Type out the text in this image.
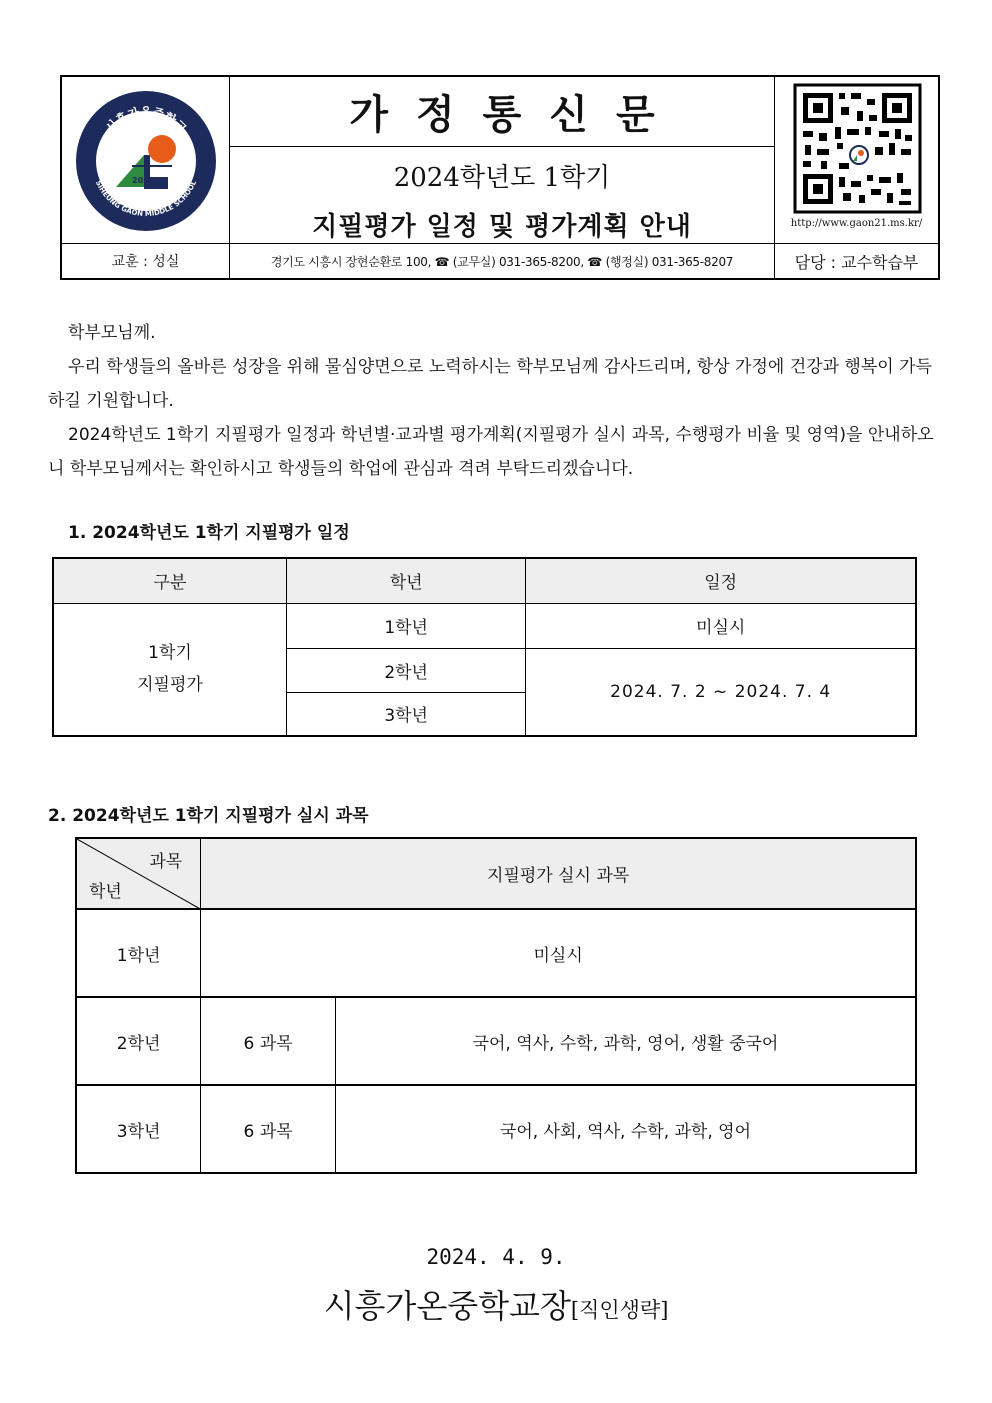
시흥가온중학교
SIHEUNG GAON MIDDLE SCHOOL
2021
가정통신문
2024학년도 1학기
지필평가 일정 및 평가계획 안내	http://www.gaon21.ms.kr/
교훈 : 성실	경기도 시흥시 장현순환로 100, ☎ (교무실) 031-365-8200, ☎ (행정실) 031-365-8207	담당 : 교수학습부
학부모님께.
우리 학생들의 올바른 성장을 위해 물심양면으로 노력하시는 학부모님께 감사드리며, 항상 가정에 건강과 행복이 가득하길 기원합니다.
2024학년도 1학기 지필평가 일정과 학년별·교과별 평가계획(지필평가 실시 과목, 수행평가 비율 및 영역)을 안내하오니 학부모님께서는 확인하시고 학생들의 학업에 관심과 격려 부탁드리겠습니다.
1. 2024학년도 1학기 지필평가 일정
구분	학년	일정

1학기
지필평가	1학년	미실시
	2학년	2024. 7. 2 ~ 2024. 7. 4
	3학년	
2. 2024학년도 1학기 지필평가 실시 과목
과목
학년	지필평가 실시 과목	
1학년	미실시	
2학년	6 과목	국어, 역사, 수학, 과학, 영어, 생활 중국어
3학년	6 과목	국어, 사회, 역사, 수학, 과학, 영어
2024. 4. 9.
시흥가온중학교장[직인생략]
